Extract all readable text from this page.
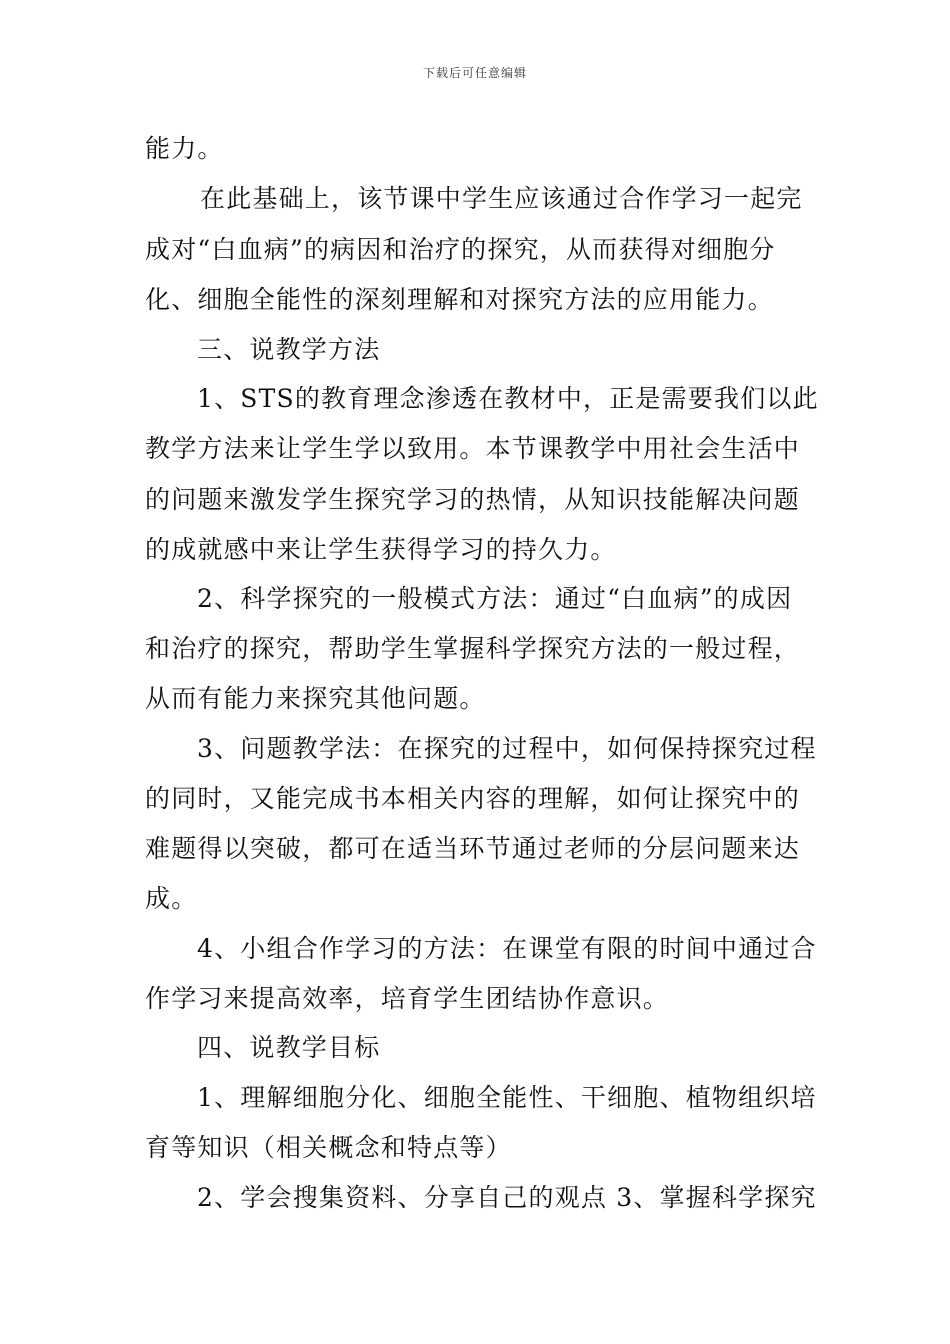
下载后可任意编辑
能力。
在此基础上，该节课中学生应该通过合作学习一起完
成对“白血病”的病因和治疗的探究，从而获得对细胞分
化、细胞全能性的深刻理解和对探究方法的应用能力。
三、说教学方法
1、STS的教育理念渗透在教材中，正是需要我们以此
教学方法来让学生学以致用。本节课教学中用社会生活中
的问题来激发学生探究学习的热情，从知识技能解决问题
的成就感中来让学生获得学习的持久力。
2、科学探究的一般模式方法：通过“白血病”的成因
和治疗的探究，帮助学生掌握科学探究方法的一般过程，
从而有能力来探究其他问题。
3、问题教学法：在探究的过程中，如何保持探究过程
的同时，又能完成书本相关内容的理解，如何让探究中的
难题得以突破，都可在适当环节通过老师的分层问题来达
成。
4、小组合作学习的方法：在课堂有限的时间中通过合
作学习来提高效率，培育学生团结协作意识。
四、说教学目标
1、理解细胞分化、细胞全能性、干细胞、植物组织培
育等知识（相关概念和特点等）
2、学会搜集资料、分享自己的观点 3、掌握科学探究
